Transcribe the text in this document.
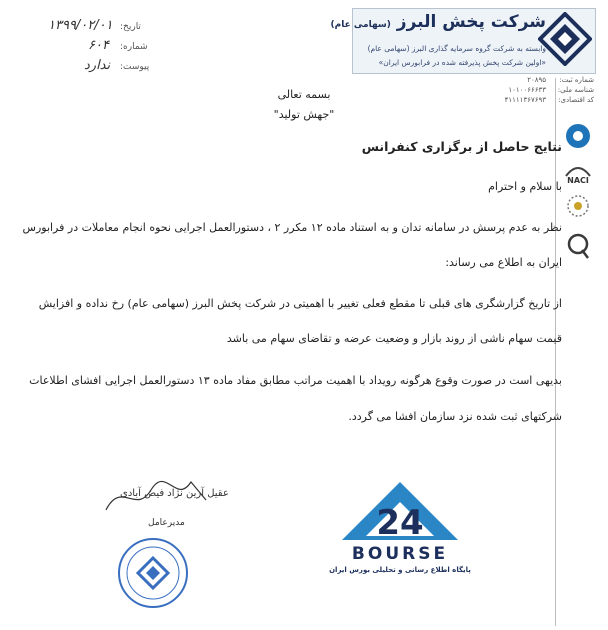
شرکت پخش البرز (سهامی عام)
وابسته به شرکت گروه سرمایه گذاری البرز (سهامی عام)
«اولین شرکت پخش پذیرفته شده در فرابورس ایران»
شماره ثبت:
شناسه ملی:
کد اقتصادی:
۲۰۸۹۵
۱۰۱۰۰۶۶۶۳۳
۴۱۱۱۱۳۶۷۶۹۳
تاریخ:
۱۳۹۹/۰۲/۰۱
شماره:
۶۰۴
پیوست:
ندارد
NACI
بسمه تعالی
"جهش تولید"
نتایج حاصل از برگزاری کنفرانس
با سلام و احترام
نظر به عدم پرسش در سامانه تدان و به استناد ماده ۱۲ مکرر ۲ ، دستورالعمل اجرایی نحوه انجام معاملات در فرابورس
ایران به اطلاع می رساند:
از تاریخ گزارشگری های قبلی تا مقطع فعلی تغییر با اهمیتی در شرکت پخش البرز (سهامی عام) رخ نداده و افزایش
قیمت سهام ناشی از روند بازار و وضعیت عرضه و تقاضای سهام می باشد
بدیهی است در صورت وقوع هرگونه رویداد با اهمیت مراتب مطابق مفاد ماده ۱۳ دستورالعمل اجرایی افشای اطلاعات
شرکتهای ثبت شده نزد سازمان افشا می گردد.
عقیل آرین نژاد فیض آبادی
مدیرعامل	24
BOURSE
پایگاه اطلاع رسانی و تحلیلی بورس ایران
